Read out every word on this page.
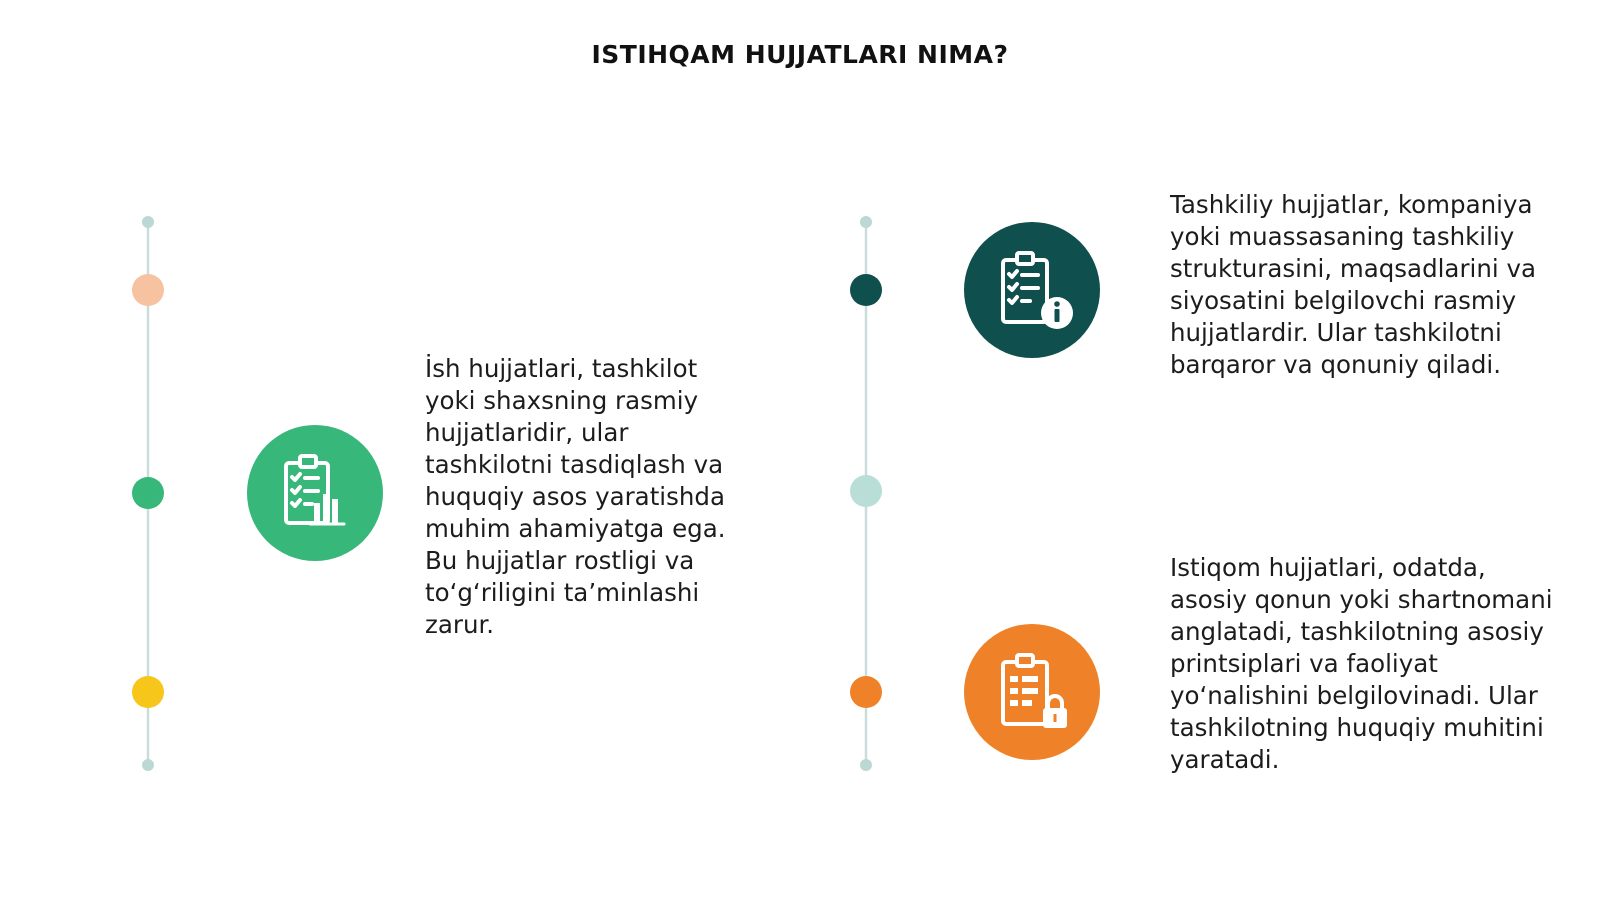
ISTIHQAM HUJJATLARI NIMA?
İsh hujjatlari, tashkilot yoki shaxsning rasmiy hujjatlaridir, ular tashkilotni tasdiqlash va huquqiy asos yaratishda muhim ahamiyatga ega. Bu hujjatlar rostligi va to‘g‘riligini ta’minlashi zarur.
Tashkiliy hujjatlar, kompaniya yoki muassasaning tashkiliy strukturasini, maqsadlarini va siyosatini belgilovchi rasmiy hujjatlardir. Ular tashkilotni barqaror va qonuniy qiladi.
Istiqom hujjatlari, odatda, asosiy qonun yoki shartnomani anglatadi, tashkilotning asosiy printsiplari va faoliyat yo‘nalishini belgilovinadi. Ular tashkilotning huquqiy muhitini yaratadi.
